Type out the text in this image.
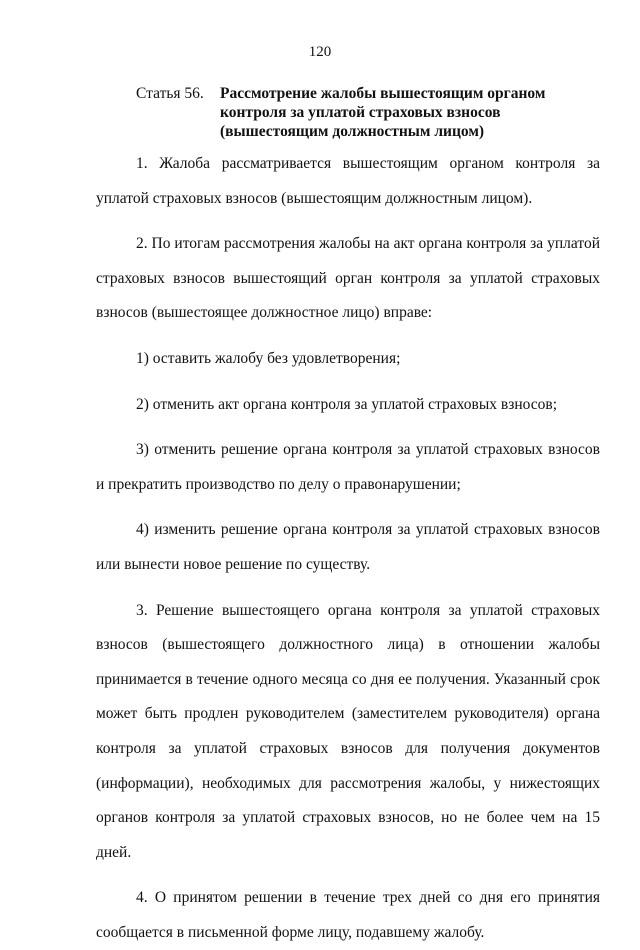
120
Статья 56.	Рассмотрение жалобы вышестоящим органом контроля за уплатой страховых взносов (вышестоящим должностным лицом)

1. Жалоба рассматривается вышестоящим органом контроля за уплатой страховых взносов (вышестоящим должностным лицом).

2. По итогам рассмотрения жалобы на акт органа контроля за уплатой страховых взносов вышестоящий орган контроля за уплатой страховых взносов (вышестоящее должностное лицо) вправе:

1) оставить жалобу без удовлетворения;

2) отменить акт органа контроля за уплатой страховых взносов;

3) отменить решение органа контроля за уплатой страховых взносов и прекратить производство по делу о правонарушении;

4) изменить решение органа контроля за уплатой страховых взносов или вынести новое решение по существу.

3. Решение вышестоящего органа контроля за уплатой страховых взносов (вышестоящего должностного лица) в отношении жалобы принимается в течение одного месяца со дня ее получения. Указанный срок может быть продлен руководителем (заместителем руководителя) органа контроля за уплатой страховых взносов для получения документов (информации), необходимых для рассмотрения жалобы, у нижестоящих органов контроля за уплатой страховых взносов, но не более чем на 15 дней.

4. О принятом решении в течение трех дней со дня его принятия сообщается в письменной форме лицу, подавшему жалобу.
